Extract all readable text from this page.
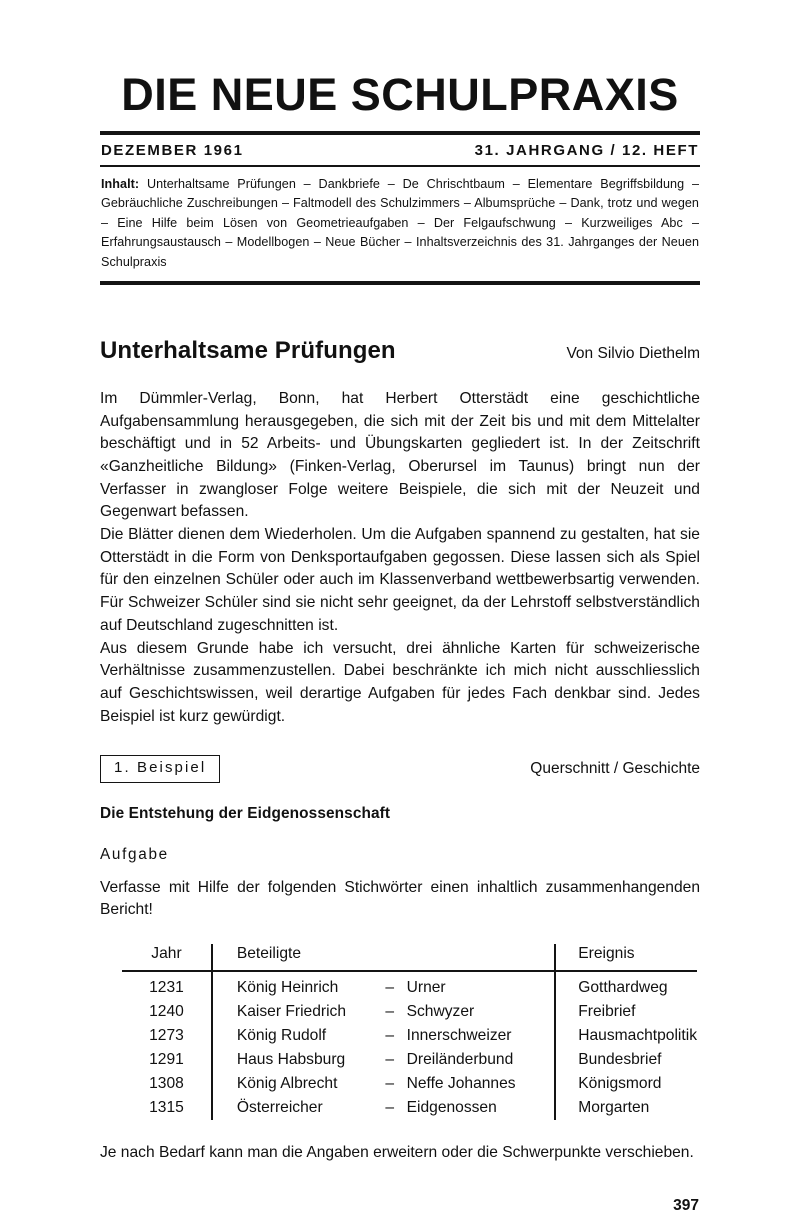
DIE NEUE SCHULPRAXIS
DEZEMBER 1961	31. JAHRGANG / 12. HEFT
Inhalt: Unterhaltsame Prüfungen – Dankbriefe – De Chrischtbaum – Elementare Begriffsbildung – Gebräuchliche Zuschreibungen – Faltmodell des Schulzimmers – Albumsprüche – Dank, trotz und wegen – Eine Hilfe beim Lösen von Geometrieaufgaben – Der Felgaufschwung – Kurzweiliges Abc – Erfahrungsaustausch – Modellbogen – Neue Bücher – Inhaltsverzeichnis des 31. Jahrganges der Neuen Schulpraxis
Unterhaltsame Prüfungen	Von Silvio Diethelm

Im Dümmler-Verlag, Bonn, hat Herbert Otterstädt eine geschichtliche Aufgabensammlung herausgegeben, die sich mit der Zeit bis und mit dem Mittelalter beschäftigt und in 52 Arbeits- und Übungskarten gegliedert ist. In der Zeitschrift «Ganzheitliche Bildung» (Finken-Verlag, Oberursel im Taunus) bringt nun der Verfasser in zwangloser Folge weitere Beispiele, die sich mit der Neuzeit und Gegenwart befassen.

Die Blätter dienen dem Wiederholen. Um die Aufgaben spannend zu gestalten, hat sie Otterstädt in die Form von Denksportaufgaben gegossen. Diese lassen sich als Spiel für den einzelnen Schüler oder auch im Klassenverband wettbewerbsartig verwenden. Für Schweizer Schüler sind sie nicht sehr geeignet, da der Lehrstoff selbstverständlich auf Deutschland zugeschnitten ist.

Aus diesem Grunde habe ich versucht, drei ähnliche Karten für schweizerische Verhältnisse zusammenzustellen. Dabei beschränkte ich mich nicht ausschliesslich auf Geschichtswissen, weil derartige Aufgaben für jedes Fach denkbar sind. Jedes Beispiel ist kurz gewürdigt.

1. Beispiel	Querschnitt / Geschichte
Die Entstehung der Eidgenossenschaft
Aufgabe
Verfasse mit Hilfe der folgenden Stichwörter einen inhaltlich zusammenhangenden Bericht!
Jahr		Beteiligte				Ereignis

1231		König Heinrich	–	Urner		Gotthardweg
1240		Kaiser Friedrich	–	Schwyzer		Freibrief
1273		König Rudolf	–	Innerschweizer		Hausmachtpolitik
1291		Haus Habsburg	–	Dreiländerbund		Bundesbrief
1308		König Albrecht	–	Neffe Johannes		Königsmord
1315		Österreicher	–	Eidgenossen		Morgarten
Je nach Bedarf kann man die Angaben erweitern oder die Schwerpunkte verschieben.
397
